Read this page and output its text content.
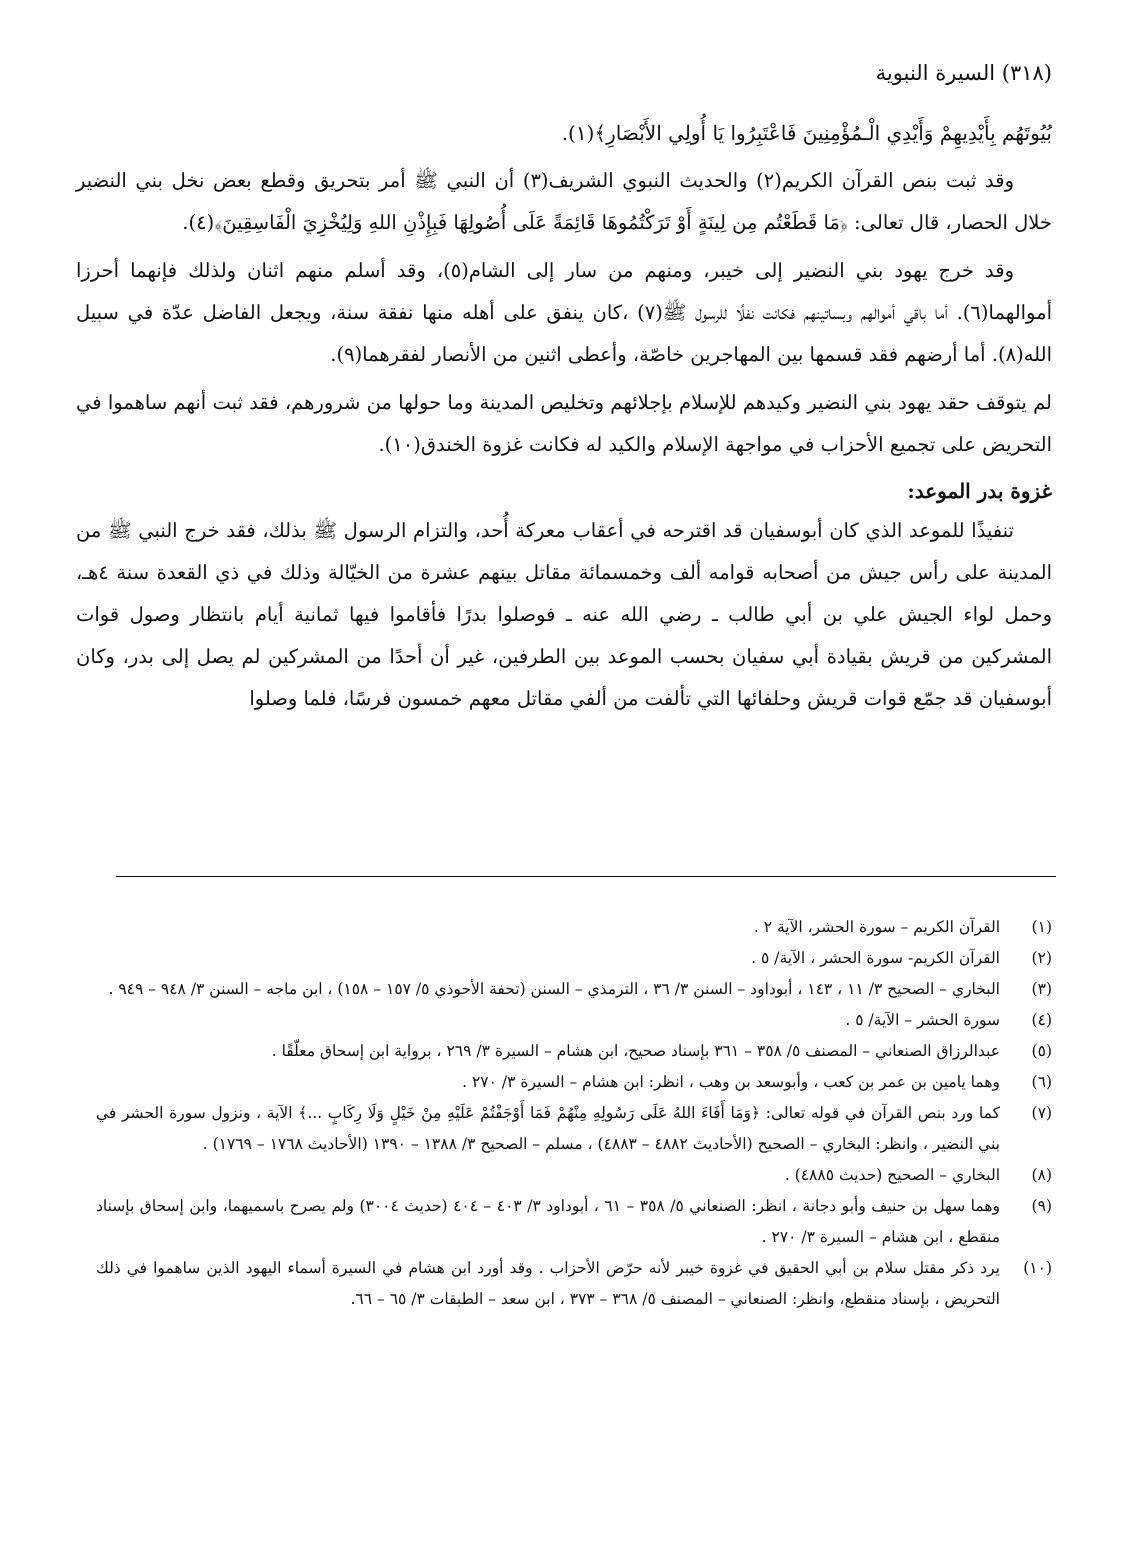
(٣١٨) السيرة النبوية

بُيُوتَهُم بِأَيْدِيهِمْ وَأَيْدِي الْـمُؤْمِنِينَ فَاعْتَبِرُوا يَا أُولِي الأَبْصَارِ﴾(١).

وقد ثبت بنص القرآن الكريم(٢) والحديث النبوي الشريف(٣) أن النبي ﷺ أمر بتحريق وقطع بعض نخل بني النضير خلال الحصار، قال تعالى: ﴿مَا قَطَعْتُم مِن لِينَةٍ أَوْ تَرَكْتُمُوهَا قَائِمَةً عَلَى أُصُولِهَا فَبِإِذْنِ اللهِ وَلِيُخْزِيَ الْفَاسِقِينَ﴾(٤).

وقد خرج يهود بني النضير إلى خيبر، ومنهم من سار إلى الشام(٥)، وقد أسلم منهم اثنان ولذلك فإنهما أحرزا أموالهما(٦). أما باقي أموالهم وبساتينهم فكانت نفلًا للرسول ﷺ(٧) ،كان ينفق على أهله منها نفقة سنة، ويجعل الفاضل عدّة في سبيل الله(٨). أما أرضهم فقد قسمها بين المهاجرين خاصّة، وأعطى اثنين من الأنصار لفقرهما(٩).

لم يتوقف حقد يهود بني النضير وكيدهم للإسلام بإجلائهم وتخليص المدينة وما حولها من شرورهم، فقد ثبت أنهم ساهموا في التحريض على تجميع الأحزاب في مواجهة الإسلام والكيد له فكانت غزوة الخندق(١٠).

غزوة بدر الموعد:

تنفيذًا للموعد الذي كان أبوسفيان قد اقترحه في أعقاب معركة أُحد، والتزام الرسول ﷺ بذلك، فقد خرج النبي ﷺ من المدينة على رأس جيش من أصحابه قوامه ألف وخمسمائة مقاتل بينهم عشرة من الخيّالة وذلك في ذي القعدة سنة ٤هـ، وحمل لواء الجيش علي بن أبي طالب ـ رضي الله عنه ـ فوصلوا بدرًا فأقاموا فيها ثمانية أيام بانتظار وصول قوات المشركين من قريش بقيادة أبي سفيان بحسب الموعد بين الطرفين، غير أن أحدًا من المشركين لم يصل إلى بدر، وكان أبوسفيان قد جمّع قوات قريش وحلفائها التي تألفت من ألفي مقاتل معهم خمسون فرسًا، فلما وصلوا

(١)
القرآن الكريم – سورة الحشر، الآية ٢ .
(٢)
القرآن الكريم- سورة الحشر ، الآية/ ٥ .
(٣)
البخاري – الصحيح ٣/ ١١ ، ١٤٣ ، أبوداود – السنن ٣/ ٣٦ ، الترمذي – السنن (تحفة الأحوذي ٥/ ١٥٧ – ١٥٨) ، ابن ماجه – السنن ٣/ ٩٤٨ – ٩٤٩ .
(٤)
سورة الحشر – الآية/ ٥ .
(٥)
عبدالرزاق الصنعاني – المصنف ٥/ ٣٥٨ – ٣٦١ بإسناد صحيح، ابن هشام – السيرة ٣/ ٢٦٩ ، برواية ابن إسحاق معلّقًا .
(٦)
وهما يامين بن عمر بن كعب ، وأبوسعد بن وهب ، انظر: ابن هشام – السيرة ٣/ ٢٧٠ .
(٧)
كما ورد بنص القرآن في قوله تعالى: ﴿وَمَا أَفَاءَ اللهُ عَلَى رَسُولِهِ مِنْهُمْ فَمَا أَوْجَفْتُمْ عَلَيْهِ مِنْ خَيْلٍ وَلَا رِكَابٍ ...﴾ الآية ، ونزول سورة الحشر في بني النضير ، وانظر: البخاري – الصحيح (الأحاديث ٤٨٨٢ – ٤٨٨٣) ، مسلم – الصحيح ٣/ ١٣٨٨ – ١٣٩٠ (الأحاديث ١٧٦٨ – ١٧٦٩) .
(٨)
البخاري – الصحيح (حديث ٤٨٨٥) .
(٩)
وهما سهل بن حنيف وأبو دجانة ، انظر: الصنعاني ٥/ ٣٥٨ – ٦١ ، أبوداود ٣/ ٤٠٣ – ٤٠٤ (حديث ٣٠٠٤) ولم يصرح باسميهما، وابن إسحاق بإسناد منقطع ، ابن هشام – السيرة ٣/ ٢٧٠ .
(١٠)
يرد ذكر مقتل سلام بن أبي الحقيق في غزوة خيبر لأنه حرّض الأحزاب . وقد أورد ابن هشام في السيرة أسماء اليهود الذين ساهموا في ذلك التحريض ، بإسناد منقطع، وانظر: الصنعاني – المصنف ٥/ ٣٦٨ – ٣٧٣ ، ابن سعد – الطبقات ٣/ ٦٥ – ٦٦.
